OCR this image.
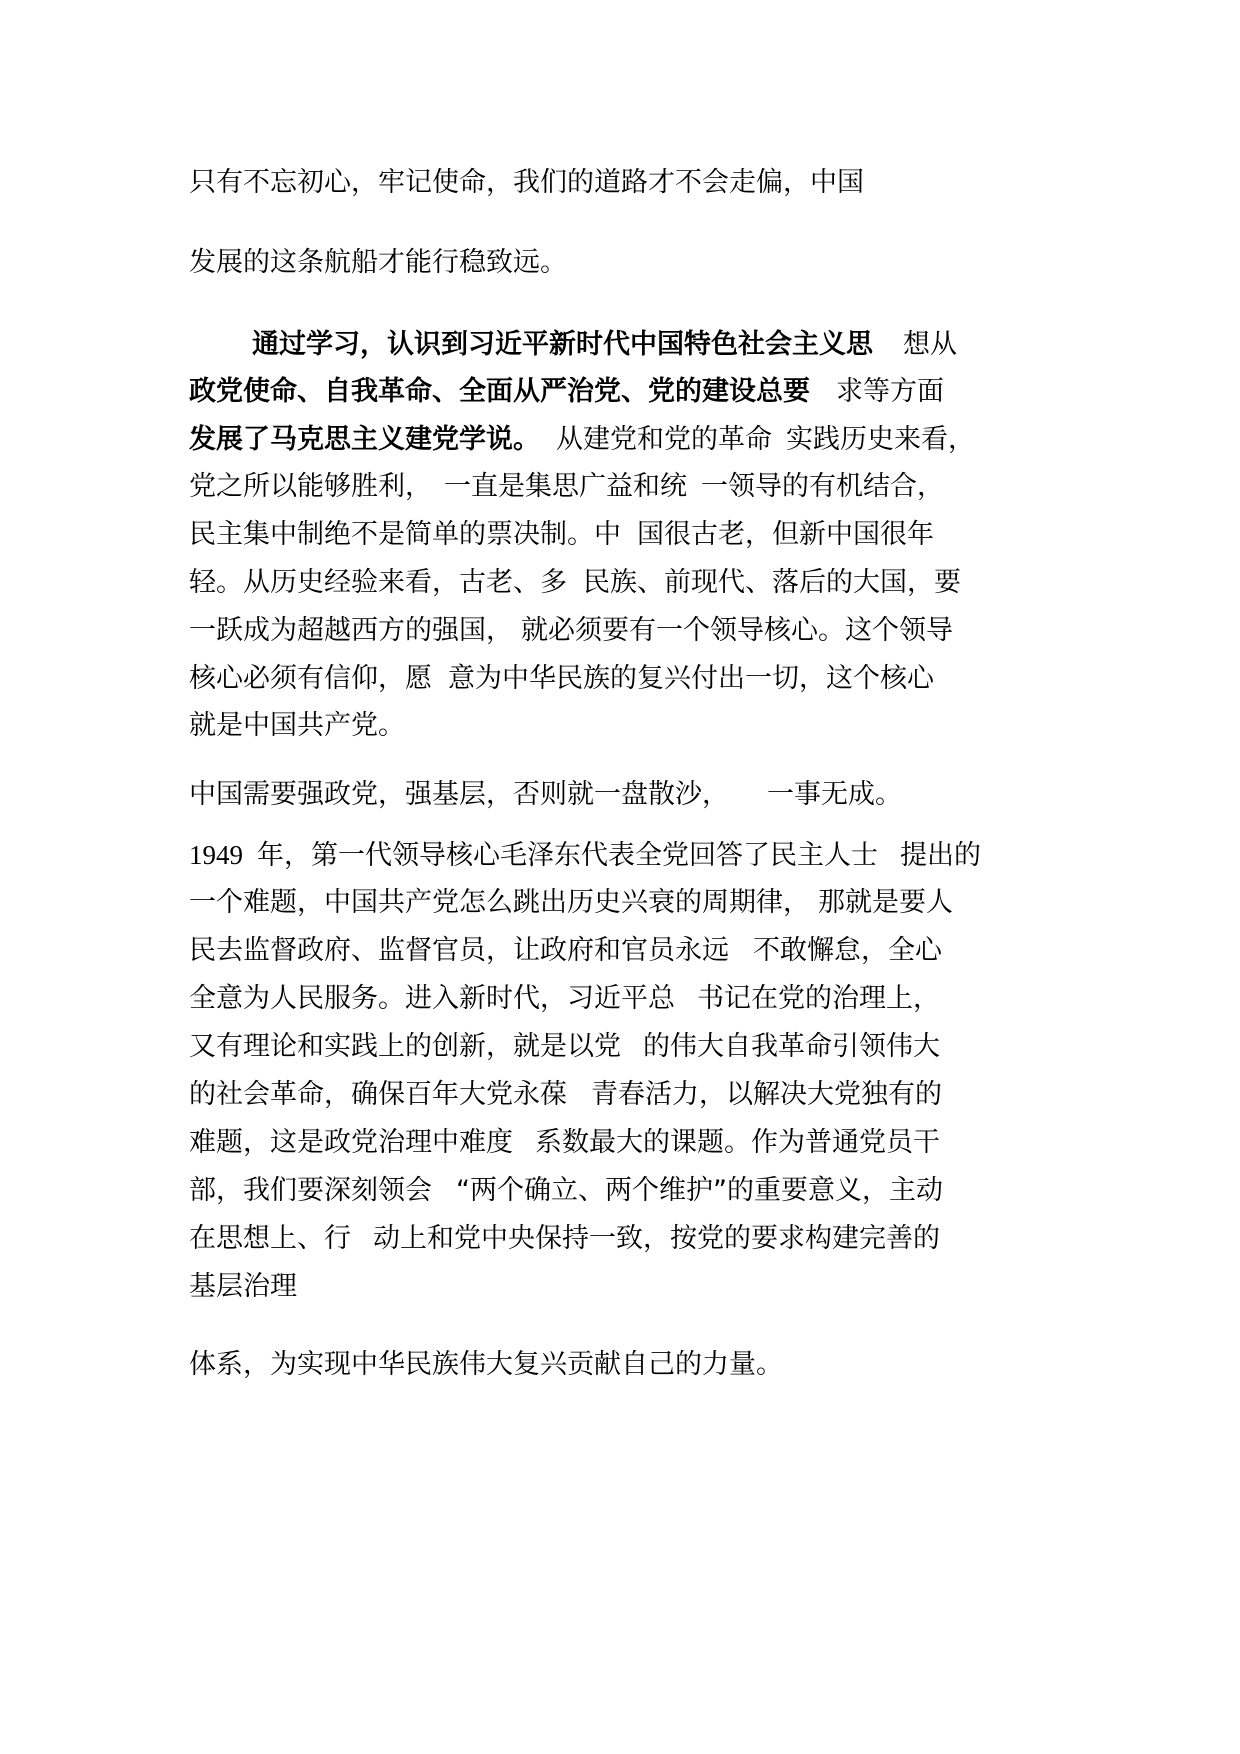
只有不忘初心，牢记使命，我们的道路才不会走偏，中国
发展的这条航船才能行稳致远。
通过学习，认识到习近平新时代中国特色社会主义思 想从
政党使命、自我革命、全面从严治党、党的建设总要 求等方面
发展了马克思主义建党学说。 从建党和党的革命 实践历史来看，
党之所以能够胜利， 一直是集思广益和统 一领导的有机结合，
民主集中制绝不是简单的票决制。中 国很古老，但新中国很年
轻。从历史经验来看，古老、多 民族、前现代、落后的大国，要
一跃成为超越西方的强国， 就必须要有一个领导核心。这个领导
核心必须有信仰，愿 意为中华民族的复兴付出一切，这个核心
就是中国共产党。
中国需要强政党，强基层，否则就一盘散沙， 一事无成。
1949 年，第一代领导核心毛泽东代表全党回答了民主人士 提出的
一个难题，中国共产党怎么跳出历史兴衰的周期律， 那就是要人
民去监督政府、监督官员，让政府和官员永远 不敢懈怠，全心
全意为人民服务。进入新时代，习近平总 书记在党的治理上，
又有理论和实践上的创新，就是以党 的伟大自我革命引领伟大
的社会革命，确保百年大党永葆 青春活力，以解决大党独有的
难题，这是政党治理中难度 系数最大的课题。作为普通党员干
部，我们要深刻领会 “两个确立、两个维护”的重要意义，主动
在思想上、行 动上和党中央保持一致，按党的要求构建完善的
基层治理
体系，为实现中华民族伟大复兴贡献自己的力量。
